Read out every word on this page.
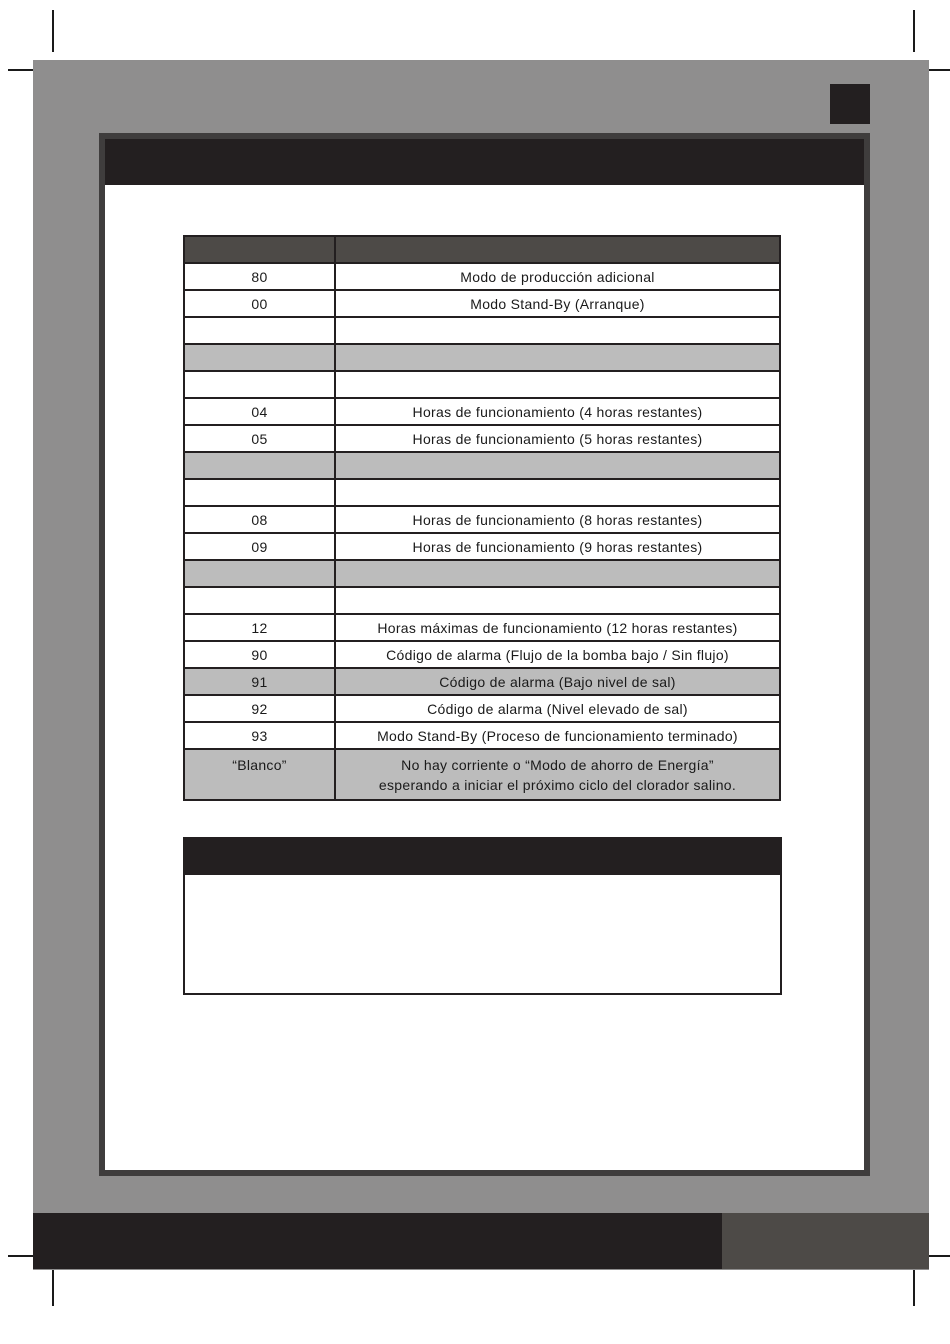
80	Modo de producción adicional
00	Modo Stand-By (Arranque)

04	Horas de funcionamiento (4 horas restantes)
05	Horas de funcionamiento (5 horas restantes)

08	Horas de funcionamiento (8 horas restantes)
09	Horas de funcionamiento (9 horas restantes)

12	Horas máximas de funcionamiento (12 horas restantes)
90	Código de alarma (Flujo de la bomba bajo / Sin flujo)
91	Código de alarma (Bajo nivel de sal)
92	Código de alarma (Nivel elevado de sal)
93	Modo Stand-By (Proceso de funcionamiento terminado)
“Blanco”	No hay corriente o “Modo de ahorro de Energía”
esperando a iniciar el próximo ciclo del clorador salino.
